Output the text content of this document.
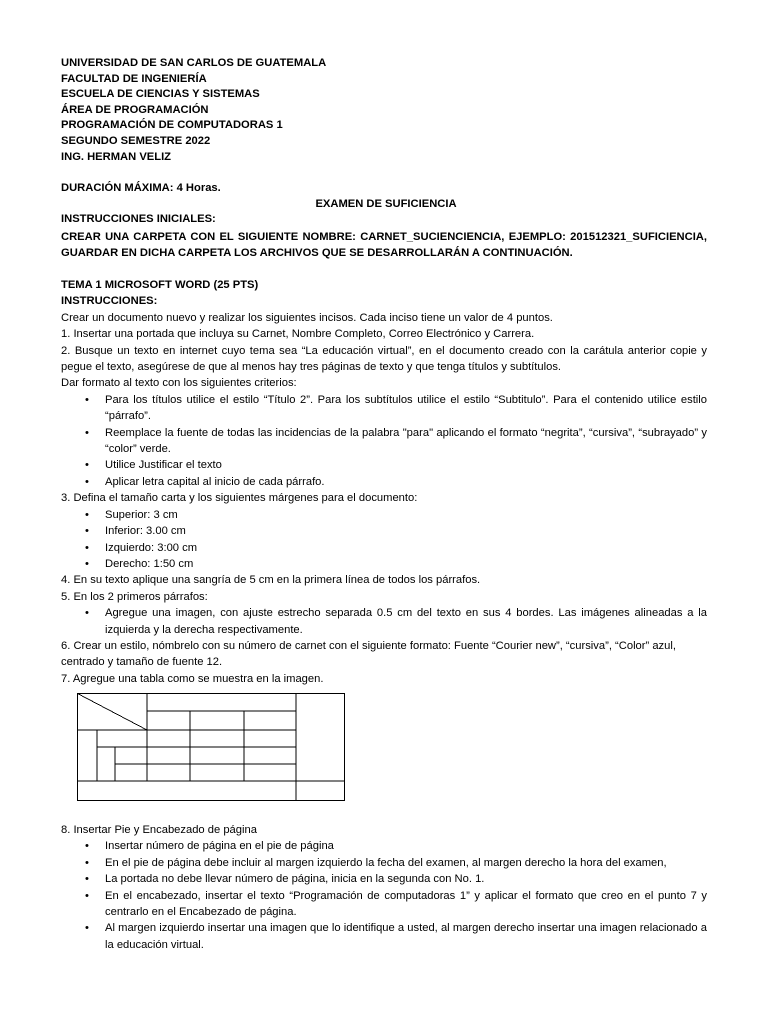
UNIVERSIDAD DE SAN CARLOS DE GUATEMALA
FACULTAD DE INGENIERÍA
ESCUELA DE CIENCIAS Y SISTEMAS
ÁREA DE PROGRAMACIÓN
PROGRAMACIÓN DE COMPUTADORAS 1
SEGUNDO SEMESTRE 2022
ING. HERMAN VELIZ
DURACIÓN MÁXIMA: 4 Horas.
EXAMEN DE SUFICIENCIA
INSTRUCCIONES INICIALES:
CREAR UNA CARPETA CON EL SIGUIENTE NOMBRE: CARNET_SUCIENCIENCIA, EJEMPLO: 201512321_SUFICIENCIA, GUARDAR EN DICHA CARPETA LOS ARCHIVOS QUE SE DESARROLLARÁN A CONTINUACIÓN.

TEMA 1 MICROSOFT WORD (25 PTS)

INSTRUCCIONES:

Crear un documento nuevo y realizar los siguientes incisos. Cada inciso tiene un valor de 4 puntos.

1. Insertar una portada que incluya su Carnet, Nombre Completo, Correo Electrónico y Carrera.

2. Busque un texto en internet cuyo tema sea “La educación virtual”, en el documento creado con la carátula anterior copie y pegue el texto, asegúrese de que al menos hay tres páginas de texto y que tenga títulos y subtítulos.

Dar formato al texto con los siguientes criterios:

• Para los títulos utilice el estilo “Título 2”. Para los subtítulos utilice el estilo “Subtitulo”. Para el contenido utilice estilo “párrafo”.
• Reemplace la fuente de todas las incidencias de la palabra "para" aplicando el formato “negrita”, “cursiva”, “subrayado” y “color” verde.
• Utilice Justificar el texto
• Aplicar letra capital al inicio de cada párrafo.

3. Defina el tamaño carta y los siguientes márgenes para el documento:

• Superior: 3 cm
• Inferior: 3.00 cm
• Izquierdo: 3:00 cm
• Derecho: 1:50 cm

4. En su texto aplique una sangría de 5 cm en la primera línea de todos los párrafos.

5. En los 2 primeros párrafos:

• Agregue una imagen, con ajuste estrecho separada 0.5 cm del texto en sus 4 bordes. Las imágenes alineadas a la izquierda y la derecha respectivamente.

6. Crear un estilo, nómbrelo con su número de carnet con el siguiente formato: Fuente “Courier new”, “cursiva”, “Color” azul, centrado y tamaño de fuente 12.

7. Agregue una tabla como se muestra en la imagen.

8. Insertar Pie y Encabezado de página

• Insertar número de página en el pie de página
• En el pie de página debe incluir al margen izquierdo la fecha del examen, al margen derecho la hora del examen,
• La portada no debe llevar número de página, inicia en la segunda con No. 1.
• En el encabezado, insertar el texto “Programación de computadoras 1” y aplicar el formato que creo en el punto 7 y centrarlo en el Encabezado de página.
• Al margen izquierdo insertar una imagen que lo identifique a usted, al margen derecho insertar una imagen relacionado a la educación virtual.
